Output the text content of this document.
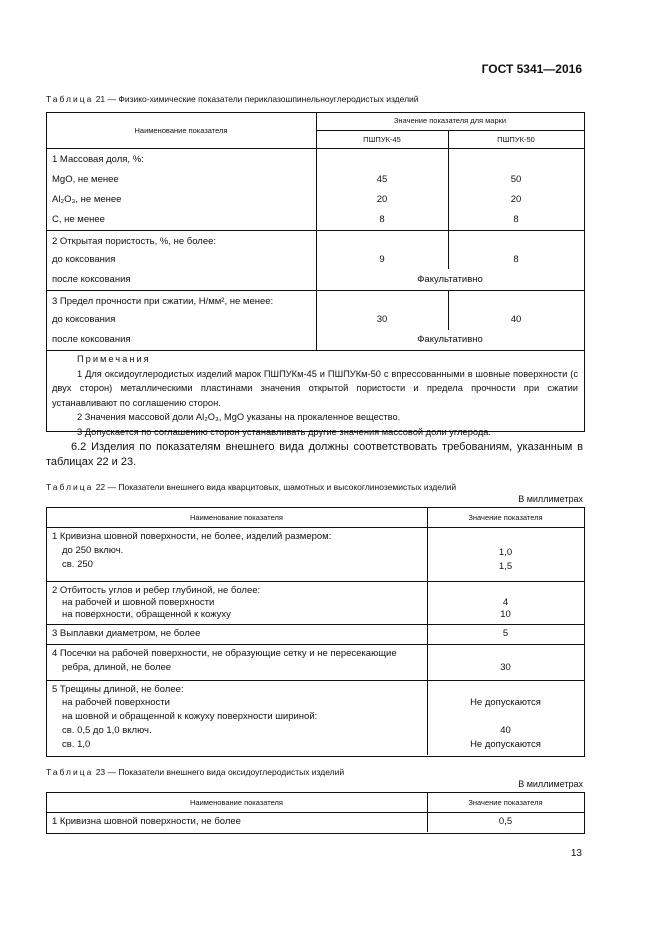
ГОСТ 5341—2016
Таблица 21 — Физико-химические показатели периклазошпинельноуглеродистых изделий
Наименование показателя
Значение показателя для марки
ПШПУК-45	ПШПУК-50
1 Массовая доля, %:
MgO, не менее	45	50
Al₂O₃, не менее	20	20
С, не менее	8	8
2 Открытая пористость, %, не более:
до коксования	9	8
после коксования	Факультативно
3 Предел прочности при сжатии, Н/мм², не менее:
до коксования	30	40
после коксования	Факультативно
Примечания
1 Для оксидоуглеродистых изделий марок ПШПУКм-45 и ПШПУКм-50 с впрессованными в шовные поверхности (с двух сторон) металлическими пластинами значения открытой пористости и предела прочности при сжатии устанавливают по соглашению сторон.
2 Значения массовой доли Al₂O₃, MgO указаны на прокаленное вещество.
3 Допускается по соглашению сторон устанавливать другие значения массовой доли углерода.
6.2 Изделия по показателям внешнего вида должны соответствовать требованиям, указанным в таблицах 22 и 23.
Таблица 22 — Показатели внешнего вида кварцитовых, шамотных и высокоглиноземистых изделий
В миллиметрах
Наименование показателя	Значение показателя
1 Кривизна шовной поверхности, не более, изделий размером:
до 250 включ.	1,0
св. 250	1,5
2 Отбитость углов и ребер глубиной, не более:
на рабочей и шовной поверхности	4
на поверхности, обращенной к кожуху	10
3 Выплавки диаметром, не более	5
4 Посечки на рабочей поверхности, не образующие сетку и не пересекающие
ребра, длиной, не более	30
5 Трещины длиной, не более:
на рабочей поверхности	Не допускаются
на шовной и обращенной к кожуху поверхности шириной:
св. 0,5 до 1,0 включ.	40
св. 1,0	Не допускаются
Таблица 23 — Показатели внешнего вида оксидоуглеродистых изделий
В миллиметрах
Наименование показателя	Значение показателя
1 Кривизна шовной поверхности, не более	0,5
13
